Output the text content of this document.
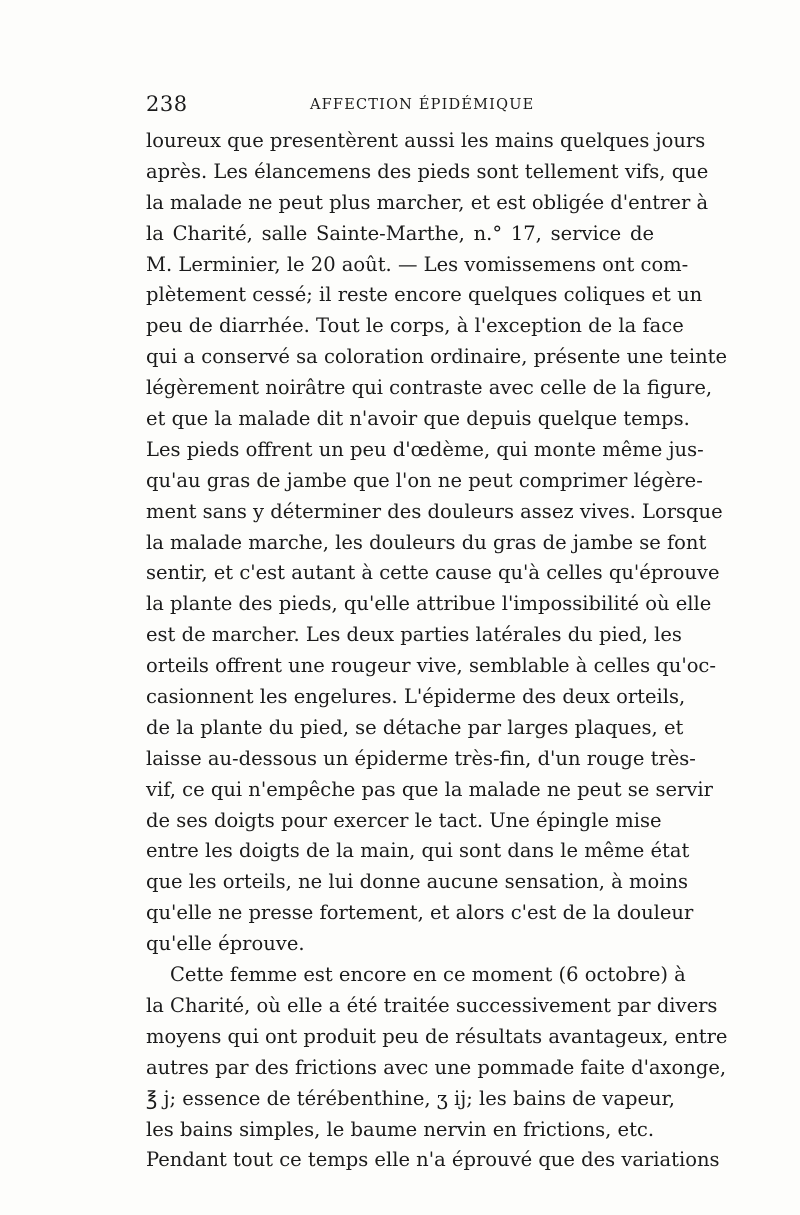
238	AFFECTION ÉPIDÉMIQUE
loureux que presentèrent aussi les mains quelques jours
après. Les élancemens des pieds sont tellement vifs, que
la malade ne peut plus marcher, et est obligée d'entrer à
la Charité, salle Sainte-Marthe, n.° 17, service de
M. Lerminier, le 20 août. — Les vomissemens ont com-
plètement cessé; il reste encore quelques coliques et un
peu de diarrhée. Tout le corps, à l'exception de la face
qui a conservé sa coloration ordinaire, présente une teinte
légèrement noirâtre qui contraste avec celle de la figure,
et que la malade dit n'avoir que depuis quelque temps.
Les pieds offrent un peu d'œdème, qui monte même jus-
qu'au gras de jambe que l'on ne peut comprimer légère-
ment sans y déterminer des douleurs assez vives. Lorsque
la malade marche, les douleurs du gras de jambe se font
sentir, et c'est autant à cette cause qu'à celles qu'éprouve
la plante des pieds, qu'elle attribue l'impossibilité où elle
est de marcher. Les deux parties latérales du pied, les
orteils offrent une rougeur vive, semblable à celles qu'oc-
casionnent les engelures. L'épiderme des deux orteils,
de la plante du pied, se détache par larges plaques, et
laisse au-dessous un épiderme très-fin, d'un rouge très-
vif, ce qui n'empêche pas que la malade ne peut se servir
de ses doigts pour exercer le tact. Une épingle mise
entre les doigts de la main, qui sont dans le même état
que les orteils, ne lui donne aucune sensation, à moins
qu'elle ne presse fortement, et alors c'est de la douleur
qu'elle éprouve.
Cette femme est encore en ce moment (6 octobre) à
la Charité, où elle a été traitée successivement par divers
moyens qui ont produit peu de résultats avantageux, entre
autres par des frictions avec une pommade faite d'axonge,
℥ j; essence de térébenthine, ʒ ij; les bains de vapeur,
les bains simples, le baume nervin en frictions, etc.
Pendant tout ce temps elle n'a éprouvé que des variations
